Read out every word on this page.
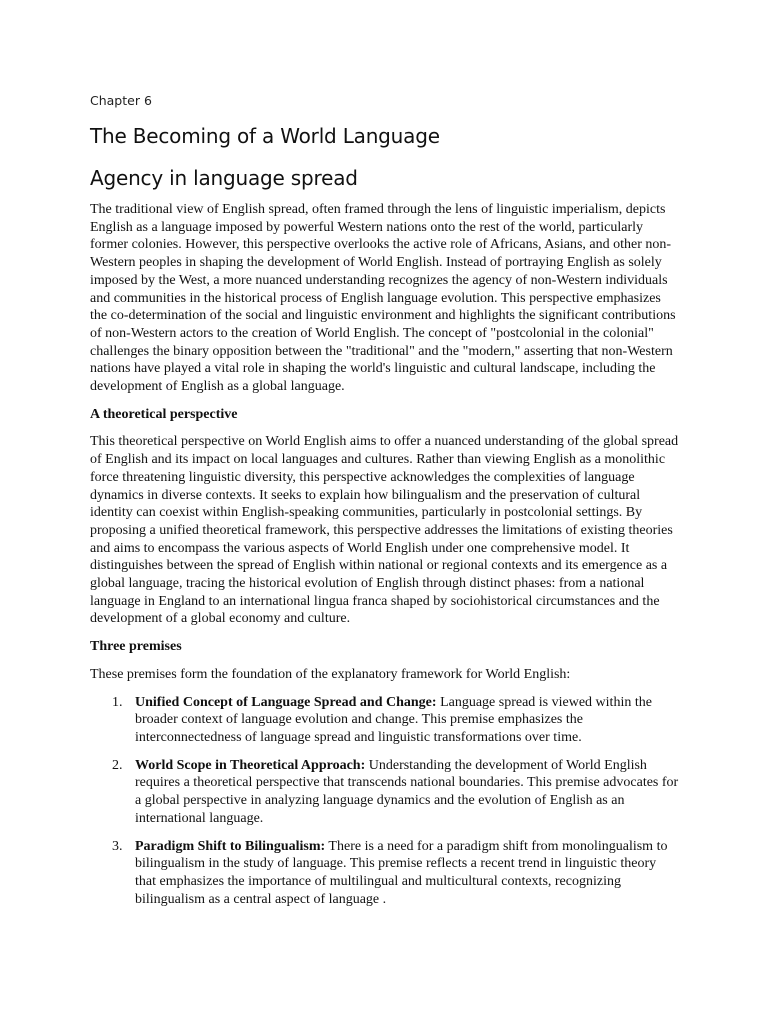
Chapter 6
The Becoming of a World Language
Agency in language spread

The traditional view of English spread, often framed through the lens of linguistic imperialism, depicts English as a language imposed by powerful Western nations onto the rest of the world, particularly former colonies. However, this perspective overlooks the active role of Africans, Asians, and other non-Western peoples in shaping the development of World English. Instead of portraying English as solely imposed by the West, a more nuanced understanding recognizes the agency of non-Western individuals and communities in the historical process of English language evolution. This perspective emphasizes the co-determination of the social and linguistic environment and highlights the significant contributions of non-Western actors to the creation of World English. The concept of "postcolonial in the colonial" challenges the binary opposition between the "traditional" and the "modern," asserting that non-Western nations have played a vital role in shaping the world's linguistic and cultural landscape, including the development of English as a global language.

A theoretical perspective

This theoretical perspective on World English aims to offer a nuanced understanding of the global spread of English and its impact on local languages and cultures. Rather than viewing English as a monolithic force threatening linguistic diversity, this perspective acknowledges the complexities of language dynamics in diverse contexts. It seeks to explain how bilingualism and the preservation of cultural identity can coexist within English-speaking communities, particularly in postcolonial settings. By proposing a unified theoretical framework, this perspective addresses the limitations of existing theories and aims to encompass the various aspects of World English under one comprehensive model. It distinguishes between the spread of English within national or regional contexts and its emergence as a global language, tracing the historical evolution of English through distinct phases: from a national language in England to an international lingua franca shaped by sociohistorical circumstances and the development of a global economy and culture.

Three premises

These premises form the foundation of the explanatory framework for World English:

1. Unified Concept of Language Spread and Change: Language spread is viewed within the broader context of language evolution and change. This premise emphasizes the interconnectedness of language spread and linguistic transformations over time.
2. World Scope in Theoretical Approach: Understanding the development of World English requires a theoretical perspective that transcends national boundaries. This premise advocates for a global perspective in analyzing language dynamics and the evolution of English as an international language.
3. Paradigm Shift to Bilingualism: There is a need for a paradigm shift from monolingualism to bilingualism in the study of language. This premise reflects a recent trend in linguistic theory that emphasizes the importance of multilingual and multicultural contexts, recognizing bilingualism as a central aspect of language .
